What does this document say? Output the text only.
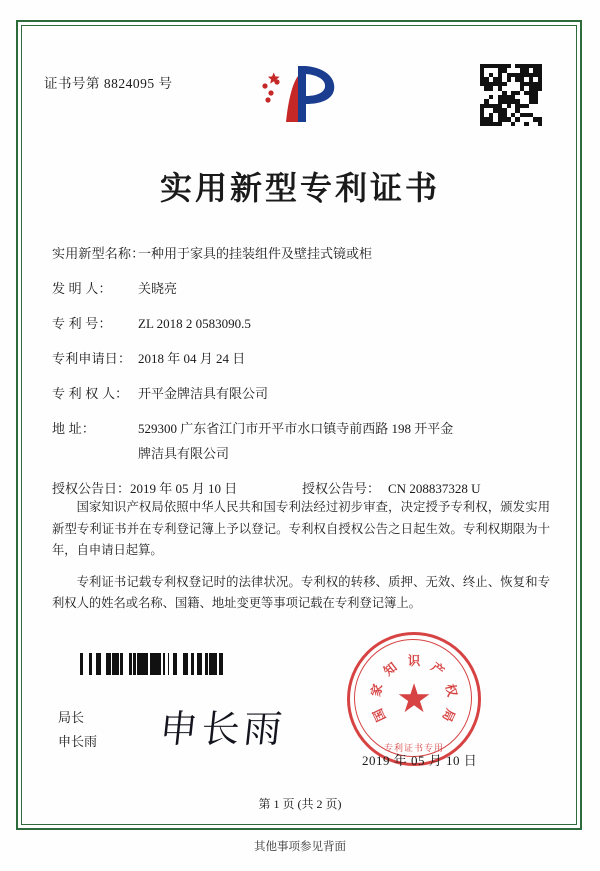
证书号第 8824095 号
实用新型专利证书
实用新型名称：
一种用于家具的挂装组件及壁挂式镜或柜
发 明 人：	关晓亮
专 利 号：	ZL 2018 2 0583090.5
专利申请日： 2018 年 04 月 24 日
专 利 权 人： 开平金牌洁具有限公司
地 址：	529300 广东省江门市开平市水口镇寺前西路 198 开平金
牌洁具有限公司
授权公告日： 2019 年 05 月 10 日	授权公告号： CN 208837328 U

国家知识产权局依照中华人民共和国专利法经过初步审查，决定授予专利权，颁发实用新型专利证书并在专利登记簿上予以登记。专利权自授权公告之日起生效。专利权期限为十年，自申请日起算。

专利证书记载专利权登记时的法律状况。专利权的转移、质押、无效、终止、恢复和专利权人的姓名或名称、国籍、地址变更等事项记载在专利登记簿上。

★
国
家
知 识 产
权
局
专利证书专用
局长
申长雨 申长雨
2019 年 05 月 10 日
第 1 页 (共 2 页)
其他事项参见背面
